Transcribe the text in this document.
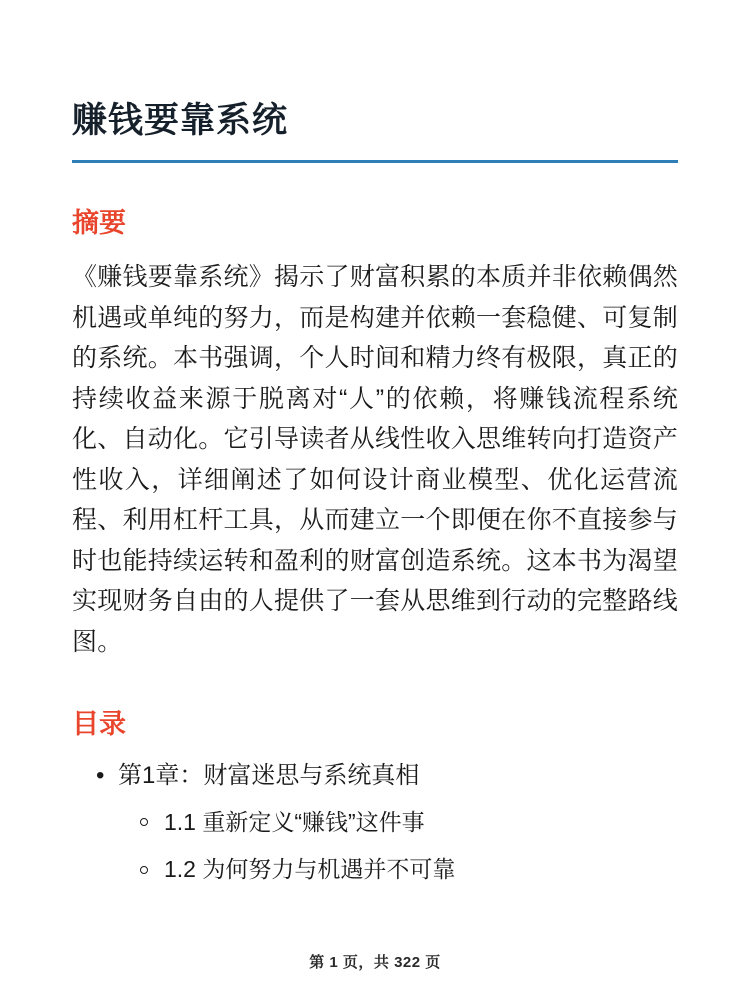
赚钱要靠系统
摘要

《赚钱要靠系统》揭示了财富积累的本质并非依赖偶然机遇或单纯的努力，而是构建并依赖一套稳健、可复制的系统。本书强调，个人时间和精力终有极限，真正的持续收益来源于脱离对“人”的依赖，将赚钱流程系统化、自动化。它引导读者从线性收入思维转向打造资产性收入，详细阐述了如何设计商业模型、优化运营流程、利用杠杆工具，从而建立一个即便在你不直接参与时也能持续运转和盈利的财富创造系统。这本书为渴望实现财务自由的人提供了一套从思维到行动的完整路线图。

目录
• 第1章：财富迷思与系统真相
1.1 重新定义“赚钱”这件事
1.2 为何努力与机遇并不可靠
第 1 页，共 322 页
